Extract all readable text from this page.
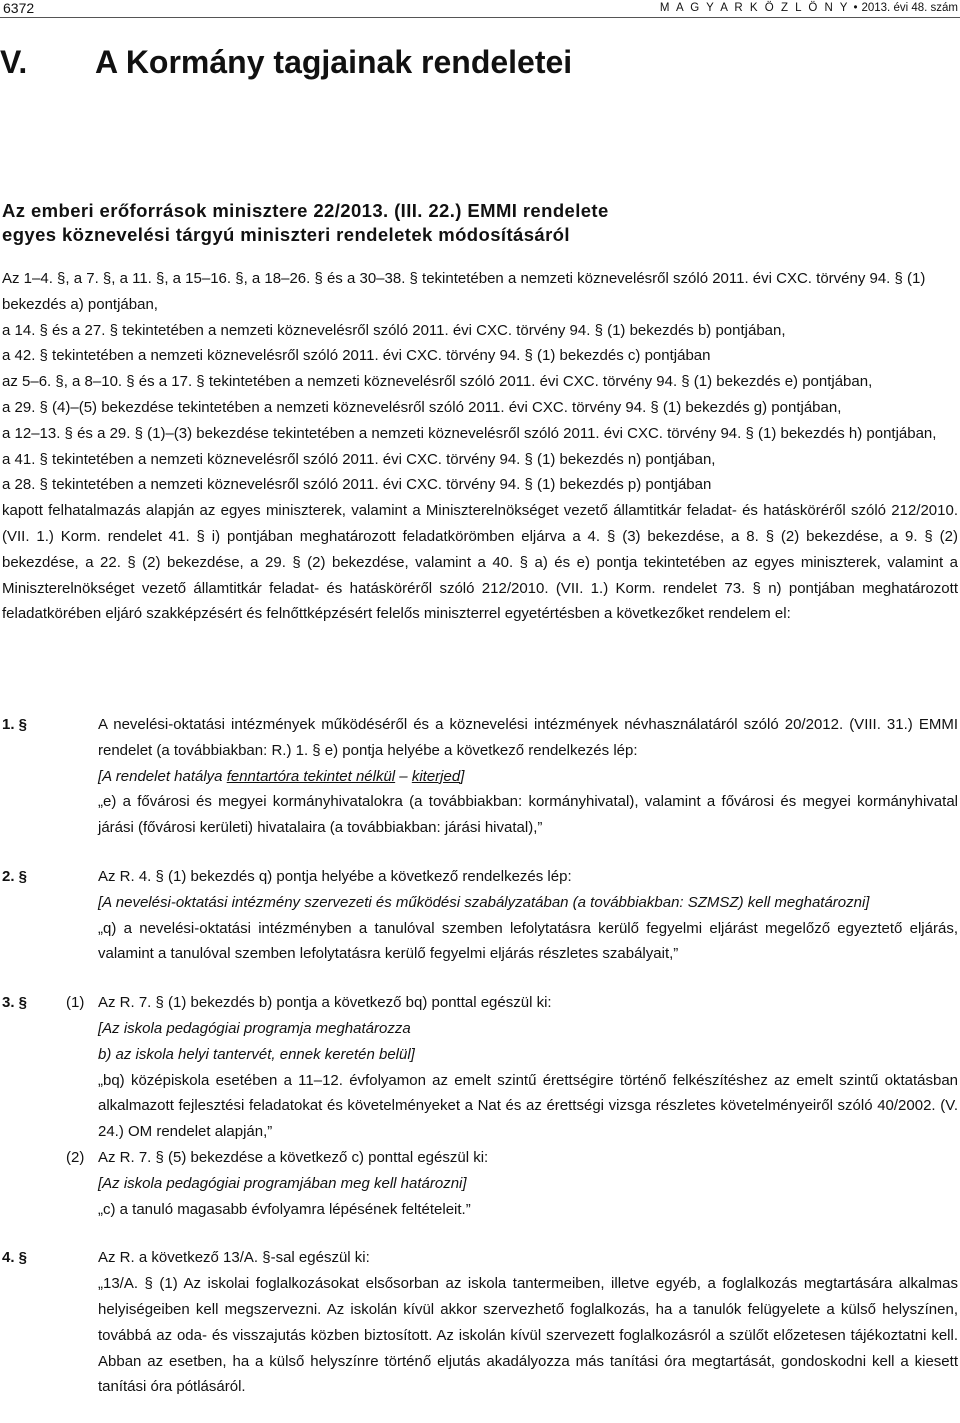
6372	M A G Y A R K Ö Z L Ö N Y • 2013. évi 48. szám
V. A Kormány tagjainak rendeletei
Az emberi erőforrások minisztere 22/2013. (III. 22.) EMMI rendelete
egyes köznevelési tárgyú miniszteri rendeletek módosításáról

Az 1–4. §, a 7. §, a 11. §, a 15–16. §, a 18–26. § és a 30–38. § tekintetében a nemzeti köznevelésről szóló 2011. évi CXC. törvény 94. § (1) bekezdés a) pontjában,

a 14. § és a 27. § tekintetében a nemzeti köznevelésről szóló 2011. évi CXC. törvény 94. § (1) bekezdés b) pontjában,

a 42. § tekintetében a nemzeti köznevelésről szóló 2011. évi CXC. törvény 94. § (1) bekezdés c) pontjában

az 5–6. §, a 8–10. § és a 17. § tekintetében a nemzeti köznevelésről szóló 2011. évi CXC. törvény 94. § (1) bekezdés e) pontjában,

a 29. § (4)–(5) bekezdése tekintetében a nemzeti köznevelésről szóló 2011. évi CXC. törvény 94. § (1) bekezdés g) pontjában,

a 12–13. § és a 29. § (1)–(3) bekezdése tekintetében a nemzeti köznevelésről szóló 2011. évi CXC. törvény 94. § (1) bekezdés h) pontjában,

a 41. § tekintetében a nemzeti köznevelésről szóló 2011. évi CXC. törvény 94. § (1) bekezdés n) pontjában,

a 28. § tekintetében a nemzeti köznevelésről szóló 2011. évi CXC. törvény 94. § (1) bekezdés p) pontjában

kapott felhatalmazás alapján az egyes miniszterek, valamint a Miniszterelnökséget vezető államtitkár feladat- és hatásköréről szóló 212/2010. (VII. 1.) Korm. rendelet 41. § i) pontjában meghatározott feladatkörömben eljárva a 4. § (3) bekezdése, a 8. § (2) bekezdése, a 9. § (2) bekezdése, a 22. § (2) bekezdése, a 29. § (2) bekezdése, valamint a 40. § a) és e) pontja tekintetében az egyes miniszterek, valamint a Miniszterelnökséget vezető államtitkár feladat- és hatásköréről szóló 212/2010. (VII. 1.) Korm. rendelet 73. § n) pontjában meghatározott feladatkörében eljáró szakképzésért és felnőttképzésért felelős miniszterrel egyetértésben a következőket rendelem el:

1. §	A nevelési-oktatási intézmények működéséről és a köznevelési intézmények névhasználatáról szóló 20/2012. (VIII. 31.) EMMI rendelet (a továbbiakban: R.) 1. § e) pontja helyébe a következő rendelkezés lép:

[A rendelet hatálya fenntartóra tekintet nélkül – kiterjed]

„e) a fővárosi és megyei kormányhivatalokra (a továbbiakban: kormányhivatal), valamint a fővárosi és megyei kormányhivatal járási (fővárosi kerületi) hivatalaira (a továbbiakban: járási hivatal),”

2. §	Az R. 4. § (1) bekezdés q) pontja helyébe a következő rendelkezés lép:

[A nevelési-oktatási intézmény szervezeti és működési szabályzatában (a továbbiakban: SZMSZ) kell meghatározni]

„q) a nevelési-oktatási intézményben a tanulóval szemben lefolytatásra kerülő fegyelmi eljárást megelőző egyeztető eljárás, valamint a tanulóval szemben lefolytatásra kerülő fegyelmi eljárás részletes szabályait,”

3. §	(1) Az R. 7. § (1) bekezdés b) pontja a következő bq) ponttal egészül ki:

[Az iskola pedagógiai programja meghatározza

b) az iskola helyi tantervét, ennek keretén belül]

„bq) középiskola esetében a 11–12. évfolyamon az emelt szintű érettségire történő felkészítéshez az emelt szintű oktatásban alkalmazott fejlesztési feladatokat és követelményeket a Nat és az érettségi vizsga részletes követelményeiről szóló 40/2002. (V. 24.) OM rendelet alapján,”

(2) Az R. 7. § (5) bekezdése a következő c) ponttal egészül ki:

[Az iskola pedagógiai programjában meg kell határozni]

„c) a tanuló magasabb évfolyamra lépésének feltételeit.”

4. §	Az R. a következő 13/A. §-sal egészül ki:

„13/A. § (1) Az iskolai foglalkozásokat elsősorban az iskola tantermeiben, illetve egyéb, a foglalkozás megtartására alkalmas helyiségeiben kell megszervezni. Az iskolán kívül akkor szervezhető foglalkozás, ha a tanulók felügyelete a külső helyszínen, továbbá az oda- és visszajutás közben biztosított. Az iskolán kívül szervezett foglalkozásról a szülőt előzetesen tájékoztatni kell. Abban az esetben, ha a külső helyszínre történő eljutás akadályozza más tanítási óra megtartását, gondoskodni kell a kiesett tanítási óra pótlásáról.
